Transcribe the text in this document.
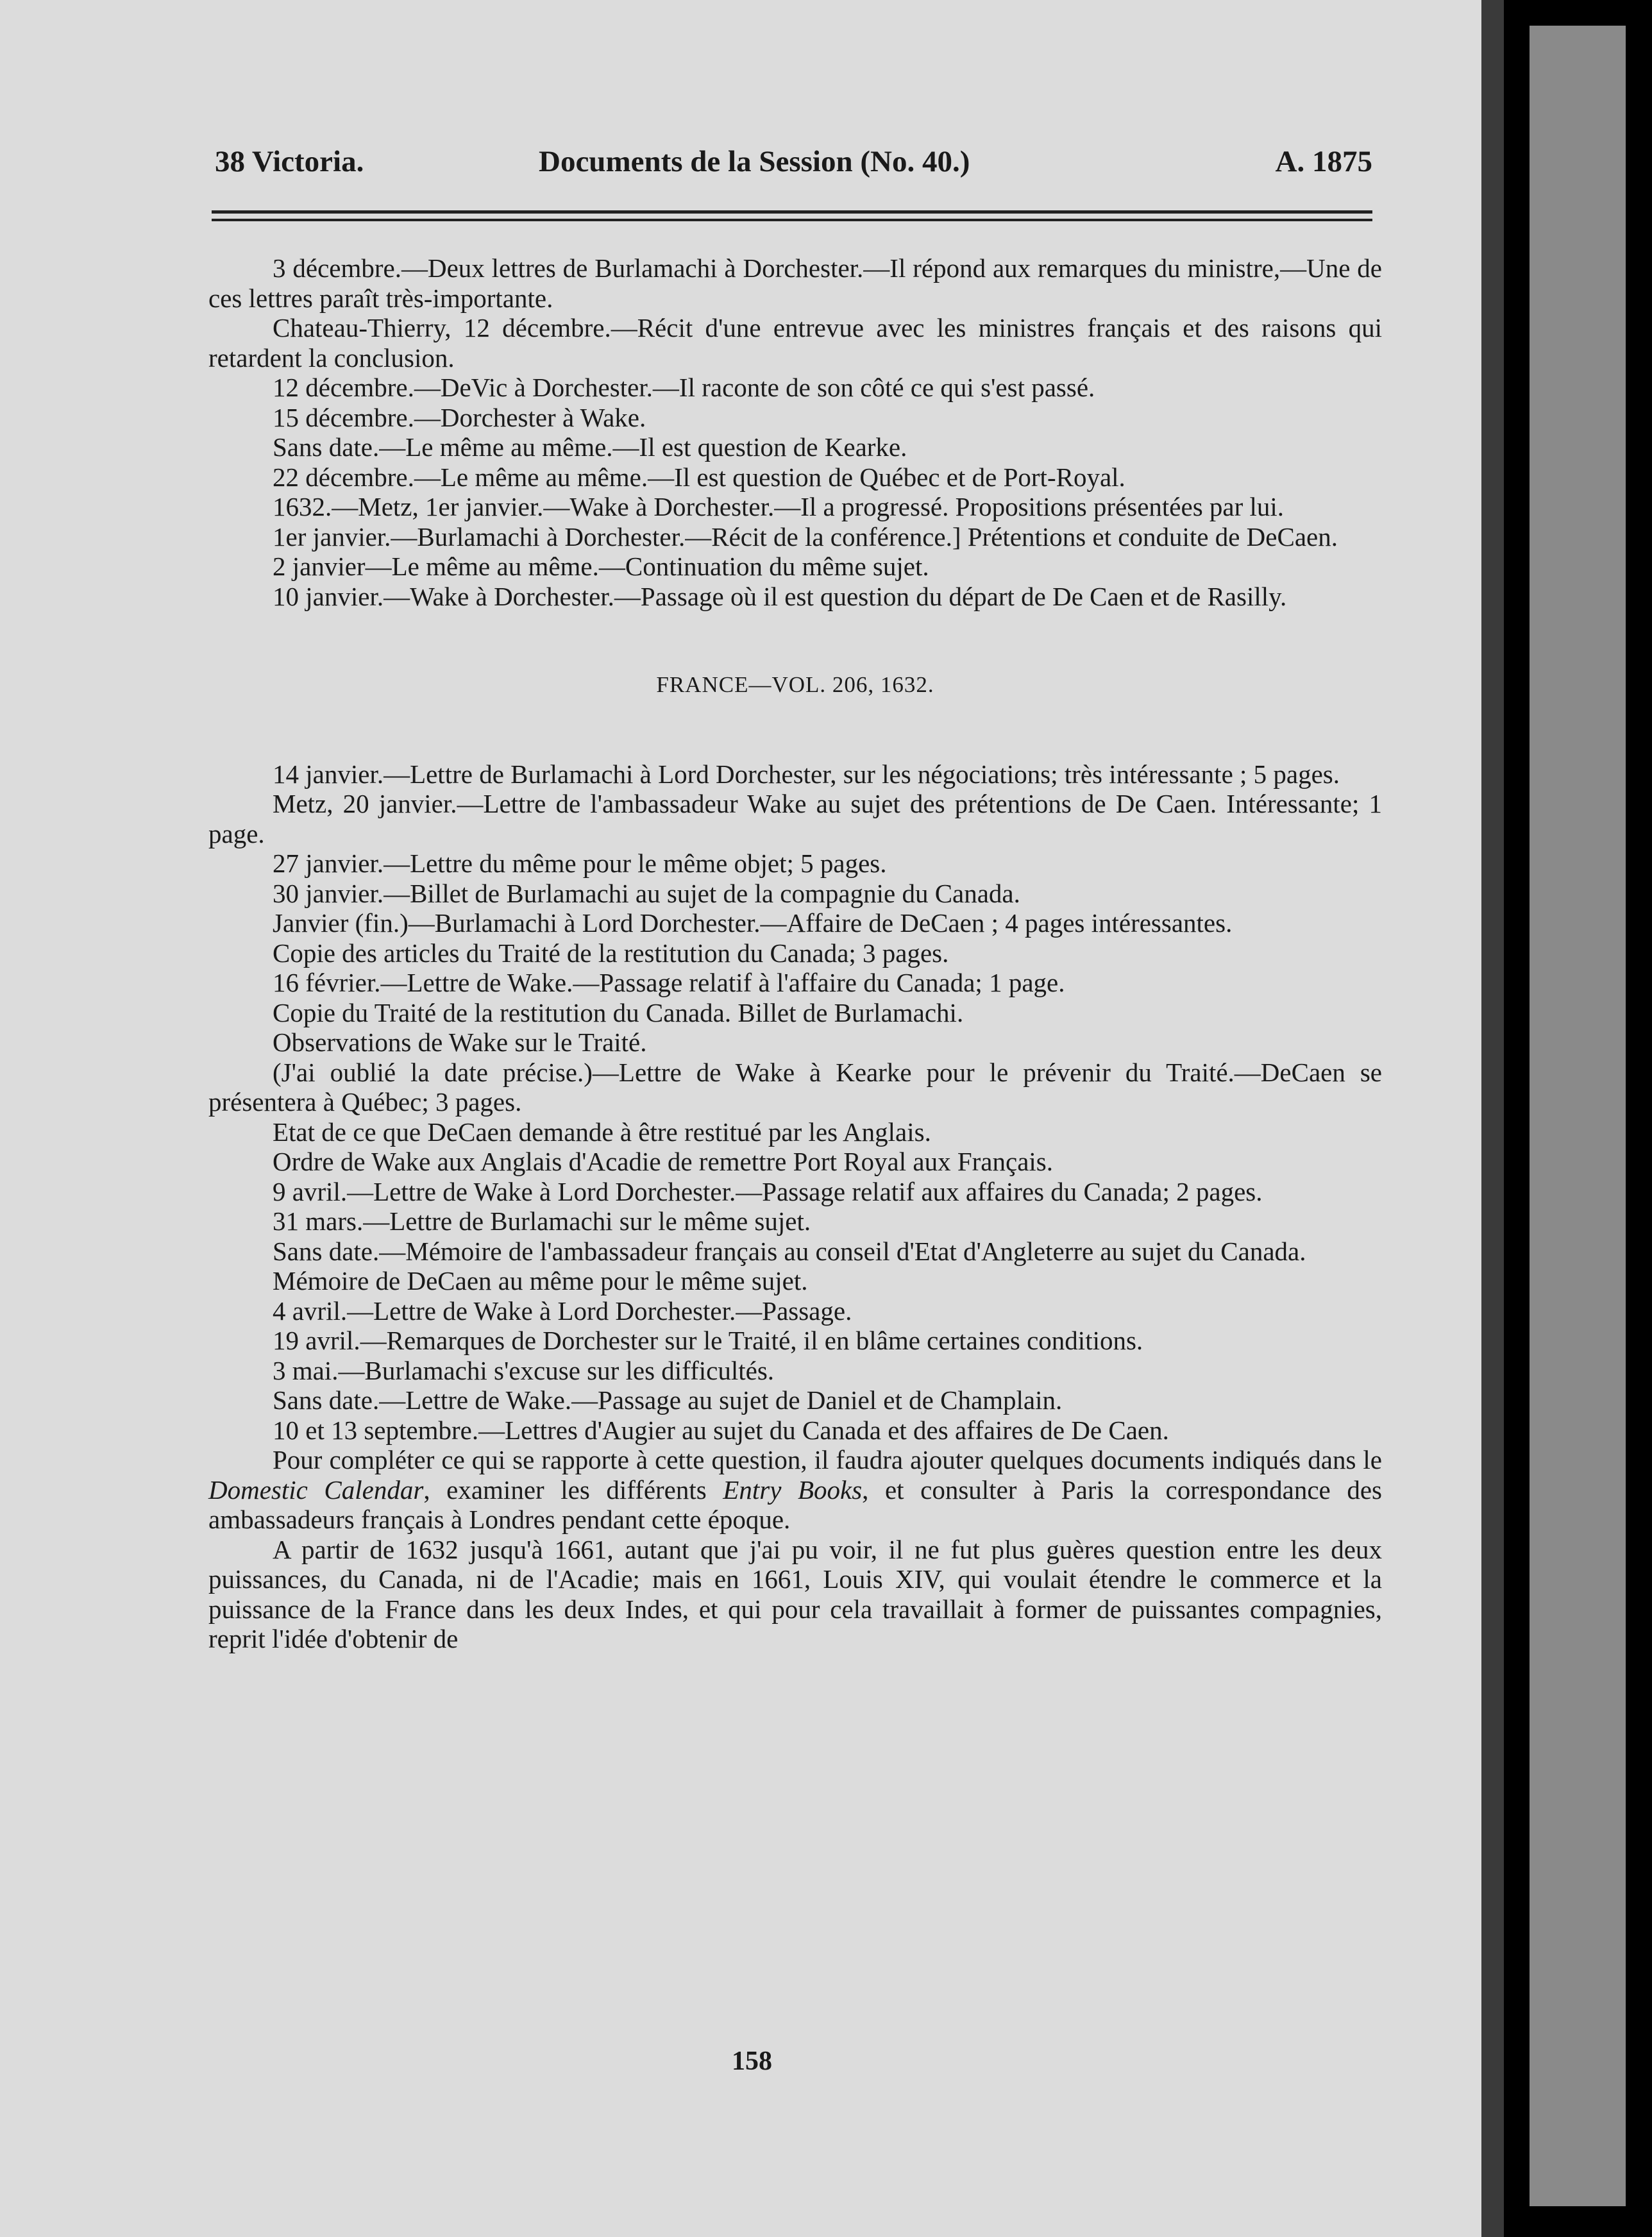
38 Victoria.	Documents de la Session (No. 40.)	A. 1875

3 décembre.—Deux lettres de Burlamachi à Dorchester.—Il répond aux remarques du ministre,—Une de ces lettres paraît très-importante.

Chateau-Thierry, 12 décembre.—Récit d'une entrevue avec les ministres français et des raisons qui retardent la conclusion.

12 décembre.—DeVic à Dorchester.—Il raconte de son côté ce qui s'est passé.

15 décembre.—Dorchester à Wake.

Sans date.—Le même au même.—Il est question de Kearke.

22 décembre.—Le même au même.—Il est question de Québec et de Port-Royal.

1632.—Metz, 1er janvier.—Wake à Dorchester.—Il a progressé. Propositions présentées par lui.

1er janvier.—Burlamachi à Dorchester.—Récit de la conférence.] Prétentions et conduite de DeCaen.

2 janvier—Le même au même.—Continuation du même sujet.

10 janvier.—Wake à Dorchester.—Passage où il est question du départ de De Caen et de Rasilly.

FRANCE—VOL. 206, 1632.

14 janvier.—Lettre de Burlamachi à Lord Dorchester, sur les négociations; très intéressante ; 5 pages.

Metz, 20 janvier.—Lettre de l'ambassadeur Wake au sujet des prétentions de De Caen. Intéressante; 1 page.

27 janvier.—Lettre du même pour le même objet; 5 pages.

30 janvier.—Billet de Burlamachi au sujet de la compagnie du Canada.

Janvier (fin.)—Burlamachi à Lord Dorchester.—Affaire de DeCaen ; 4 pages intéressantes.

Copie des articles du Traité de la restitution du Canada; 3 pages.

16 février.—Lettre de Wake.—Passage relatif à l'affaire du Canada; 1 page.

Copie du Traité de la restitution du Canada. Billet de Burlamachi.

Observations de Wake sur le Traité.

(J'ai oublié la date précise.)—Lettre de Wake à Kearke pour le prévenir du Traité.—DeCaen se présentera à Québec; 3 pages.

Etat de ce que DeCaen demande à être restitué par les Anglais.

Ordre de Wake aux Anglais d'Acadie de remettre Port Royal aux Français.

9 avril.—Lettre de Wake à Lord Dorchester.—Passage relatif aux affaires du Canada; 2 pages.

31 mars.—Lettre de Burlamachi sur le même sujet.

Sans date.—Mémoire de l'ambassadeur français au conseil d'Etat d'Angleterre au sujet du Canada.

Mémoire de DeCaen au même pour le même sujet.

4 avril.—Lettre de Wake à Lord Dorchester.—Passage.

19 avril.—Remarques de Dorchester sur le Traité, il en blâme certaines conditions.

3 mai.—Burlamachi s'excuse sur les difficultés.

Sans date.—Lettre de Wake.—Passage au sujet de Daniel et de Champlain.

10 et 13 septembre.—Lettres d'Augier au sujet du Canada et des affaires de De Caen.

Pour compléter ce qui se rapporte à cette question, il faudra ajouter quelques documents indiqués dans le Domestic Calendar, examiner les différents Entry Books, et consulter à Paris la correspondance des ambassadeurs français à Londres pendant cette époque.

A partir de 1632 jusqu'à 1661, autant que j'ai pu voir, il ne fut plus guères question entre les deux puissances, du Canada, ni de l'Acadie; mais en 1661, Louis XIV, qui voulait étendre le commerce et la puissance de la France dans les deux Indes, et qui pour cela travaillait à former de puissantes compagnies, reprit l'idée d'obtenir de

158
